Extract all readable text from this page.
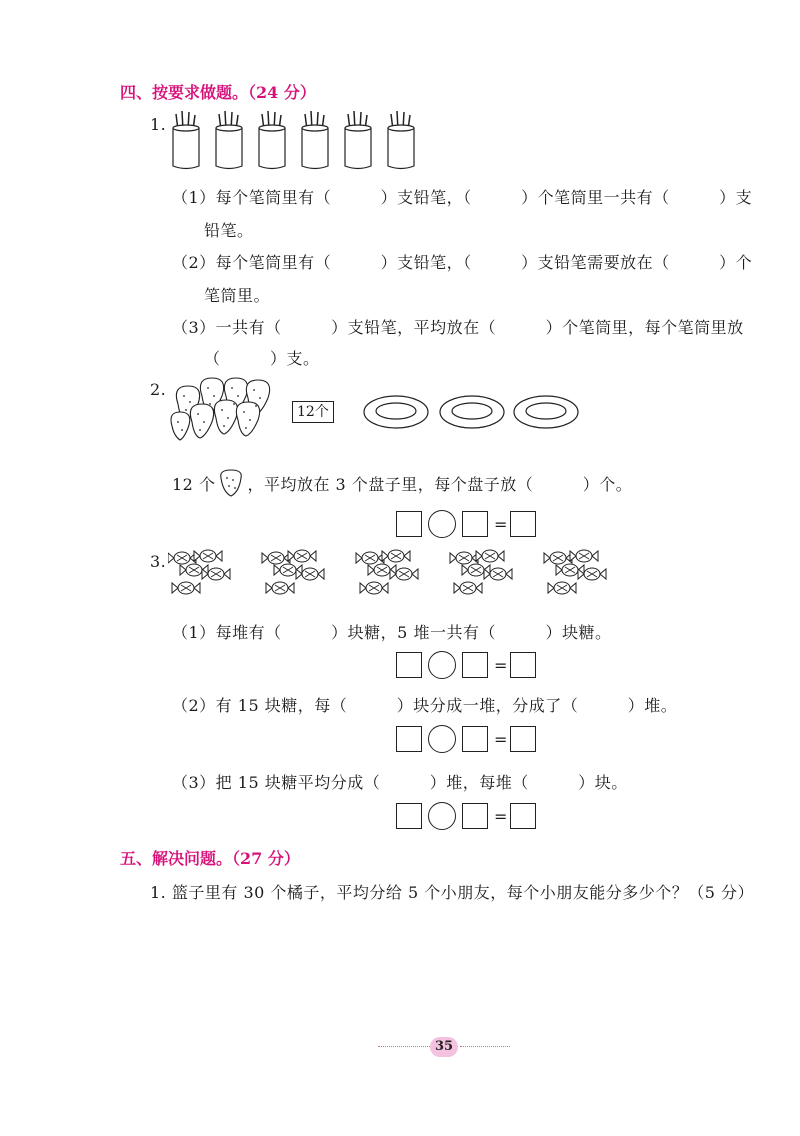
四、按要求做题。（24 分）
1.
（1）每个笔筒里有（　　　）支铅笔，（　　　）个笔筒里一共有（　　　）支
铅笔。
（2）每个笔筒里有（　　　）支铅笔，（　　　）支铅笔需要放在（　　　）个
笔筒里。
（3）一共有（　　　）支铅笔，平均放在（　　　）个笔筒里，每个笔筒里放
（　　　）支。
2.
12个
12 个 ，平均放在 3 个盘子里，每个盘子放（　　　）个。
=
3.
（1）每堆有（　　　）块糖，5 堆一共有（　　　）块糖。
=
（2）有 15 块糖，每（　　　）块分成一堆，分成了（　　　）堆。
=
（3）把 15 块糖平均分成（　　　）堆，每堆（　　　）块。
=
五、解决问题。（27 分）
1. 篮子里有 30 个橘子，平均分给 5 个小朋友，每个小朋友能分多少个？（5 分）
35
